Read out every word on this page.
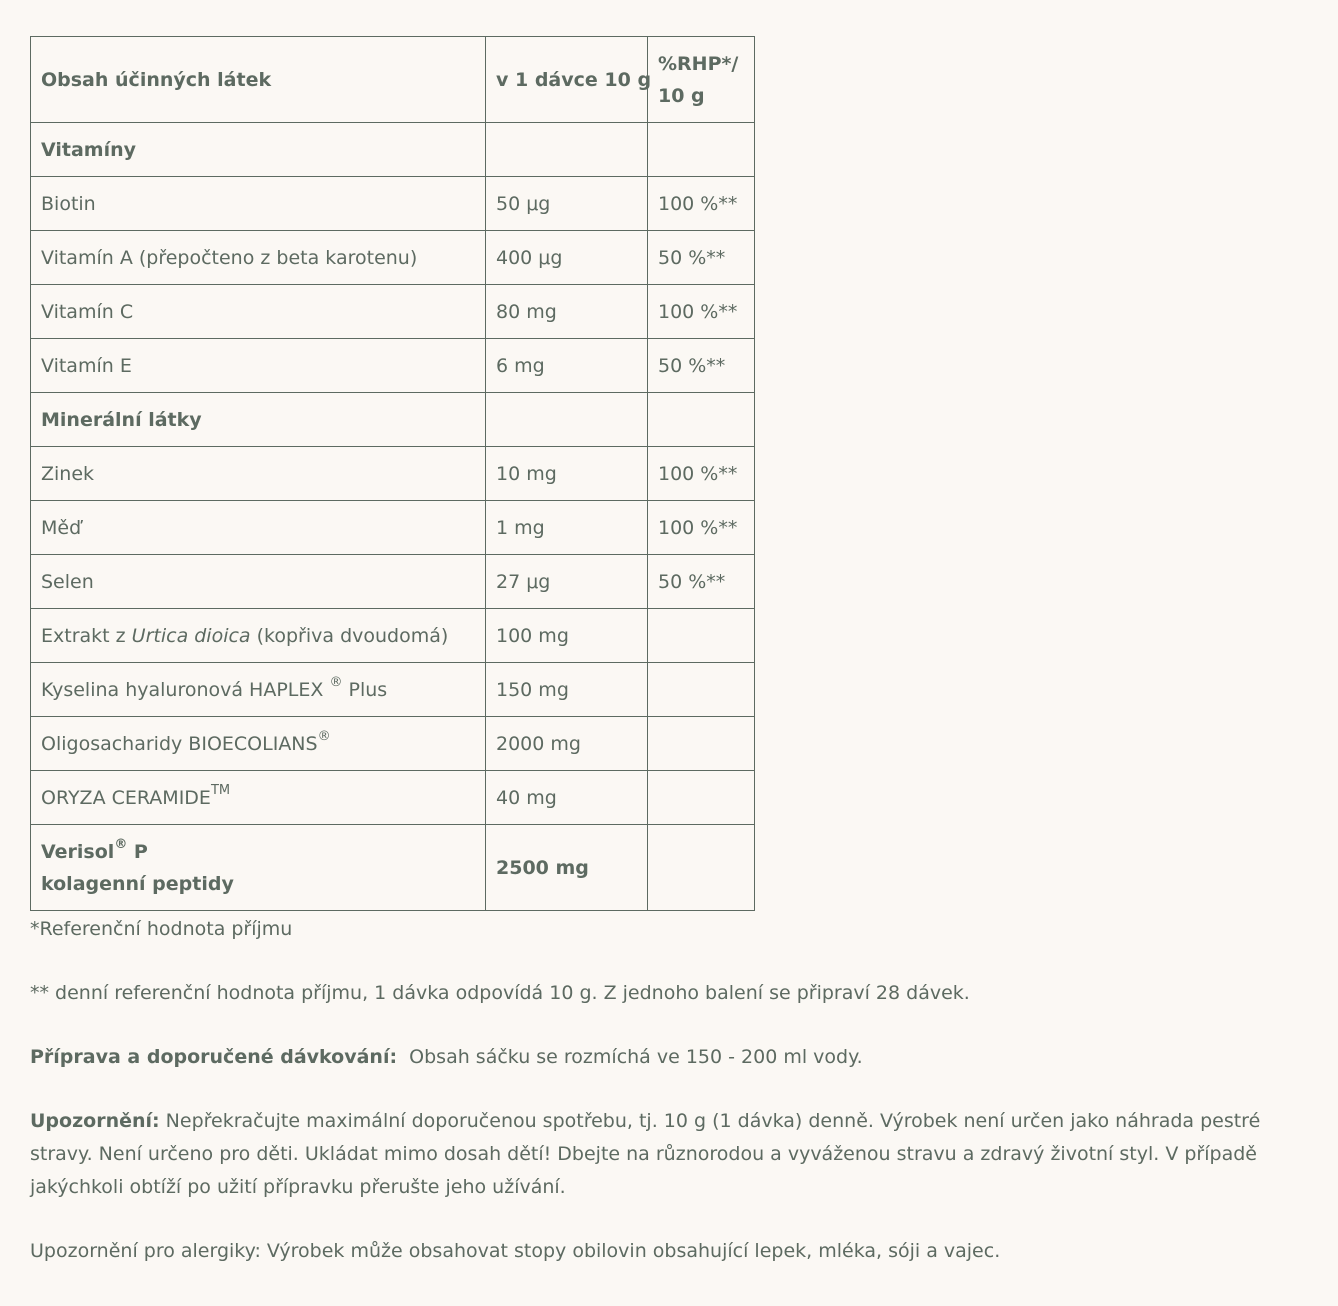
Obsah účinných látek	v 1 dávce 10 g	%RHP*/ 10 g
Vitamíny		
Biotin	50 μg	100 %**
Vitamín A (přepočteno z beta karotenu)	400 μg	50 %**
Vitamín C	80 mg	100 %**
Vitamín E	6 mg	50 %**
Minerální látky		
Zinek	10 mg	100 %**
Měď	1 mg	100 %**
Selen	27 μg	50 %**
Extrakt z Urtica dioica (kopřiva dvoudomá)	100 mg	
Kyselina hyaluronová HAPLEX ® Plus	150 mg	
Oligosacharidy BIOECOLIANS®	2000 mg	
ORYZA CERAMIDE™	40 mg	
Verisol® P
kolagenní peptidy	2500 mg	

*Referenční hodnota příjmu

** denní referenční hodnota příjmu, 1 dávka odpovídá 10 g. Z jednoho balení se připraví 28 dávek.

Příprava a doporučené dávkování:  Obsah sáčku se rozmíchá ve 150 - 200 ml vody.

Upozornění: Nepřekračujte maximální doporučenou spotřebu, tj. 10 g (1 dávka) denně. Výrobek není určen jako náhrada pestré stravy. Není určeno pro děti. Ukládat mimo dosah dětí! Dbejte na různorodou a vyváženou stravu a zdravý životní styl. V případě jakýchkoli obtíží po užití přípravku přerušte jeho užívání.

Upozornění pro alergiky: Výrobek může obsahovat stopy obilovin obsahující lepek, mléka, sóji a vajec.
